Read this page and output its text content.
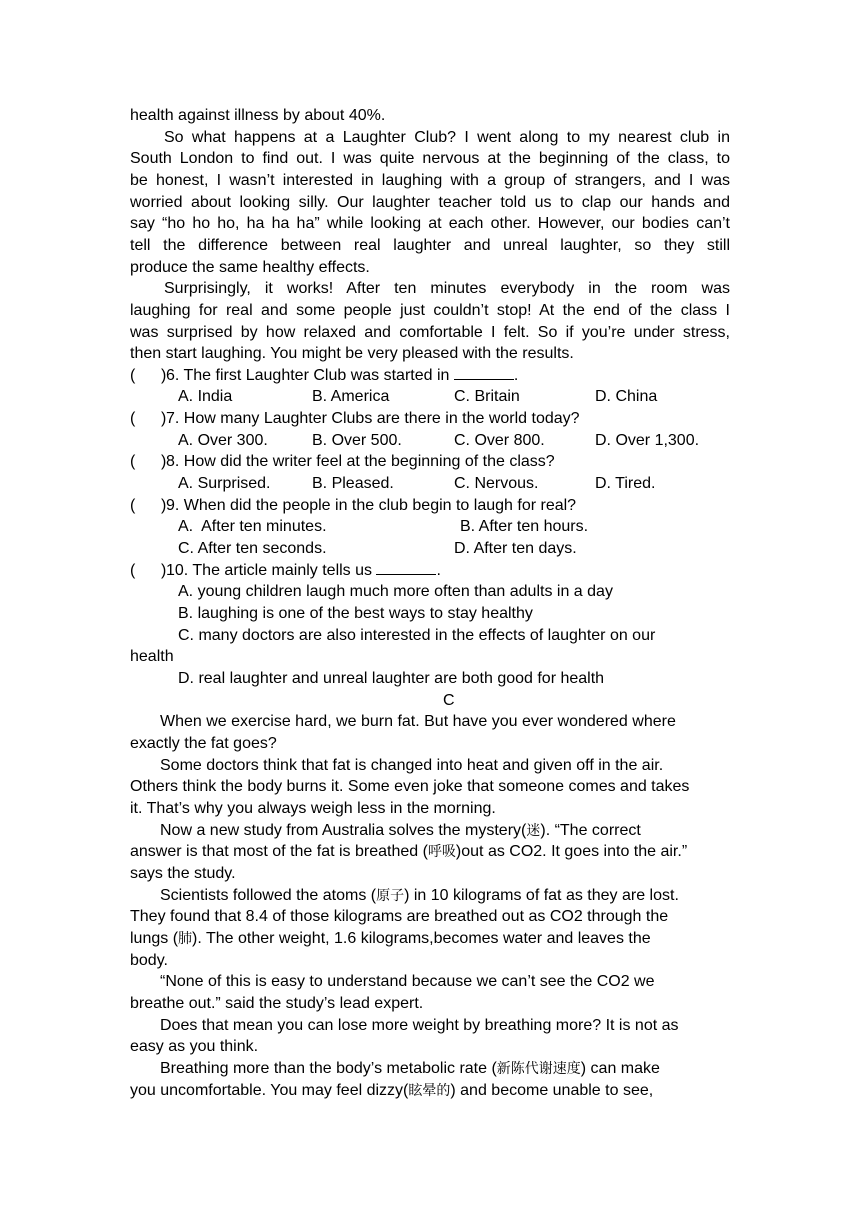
health against illness by about 40%.
So what happens at a Laughter Club? I went along to my nearest club in
South London to find out. I was quite nervous at the beginning of the class, to
be honest, I wasn’t interested in laughing with a group of strangers, and I was
worried about looking silly. Our laughter teacher told us to clap our hands and
say “ho ho ho, ha ha ha” while looking at each other. However, our bodies can’t
tell the difference between real laughter and unreal laughter, so they still
produce the same healthy effects.
Surprisingly, it works! After ten minutes everybody in the room was
laughing for real and some people just couldn’t stop! At the end of the class I
was surprised by how relaxed and comfortable I felt. So if you’re under stress,
then start laughing. You might be very pleased with the results.
( ) 6. The first Laughter Club was started in	.
A. India	B. America	C. Britain	D. China
( ) 7. How many Laughter Clubs are there in the world today?
A. Over 300.	B. Over 500.	C. Over 800.	D. Over 1,300.
( ) 8. How did the writer feel at the beginning of the class?
A. Surprised.	B. Pleased.	C. Nervous.	D. Tired.
( ) 9. When did the people in the club begin to laugh for real?
A.  After ten minutes.	B. After ten hours.
C. After ten seconds.	D. After ten days.
( ) 10. The article mainly tells us	.
A. young children laugh much more often than adults in a day
B. laughing is one of the best ways to stay healthy
C. many doctors are also interested in the effects of laughter on our
health
D. real laughter and unreal laughter are both good for health
C
When we exercise hard, we burn fat. But have you ever wondered where
exactly the fat goes?
Some doctors think that fat is changed into heat and given off in the air.
Others think the body burns it. Some even joke that someone comes and takes
it. That’s why you always weigh less in the morning.
Now a new study from Australia solves the mystery(迷). “The correct
answer is that most of the fat is breathed (呼吸)out as CO2. It goes into the air.”
says the study.
Scientists followed the atoms (原子) in 10 kilograms of fat as they are lost.
They found that 8.4 of those kilograms are breathed out as CO2 through the
lungs (肺). The other weight, 1.6 kilograms,becomes water and leaves the
body.
“None of this is easy to understand because we can’t see the CO2 we
breathe out.” said the study’s lead expert.
Does that mean you can lose more weight by breathing more? It is not as
easy as you think.
Breathing more than the body’s metabolic rate (新陈代谢速度) can make
you uncomfortable. You may feel dizzy(眩晕的) and become unable to see,
